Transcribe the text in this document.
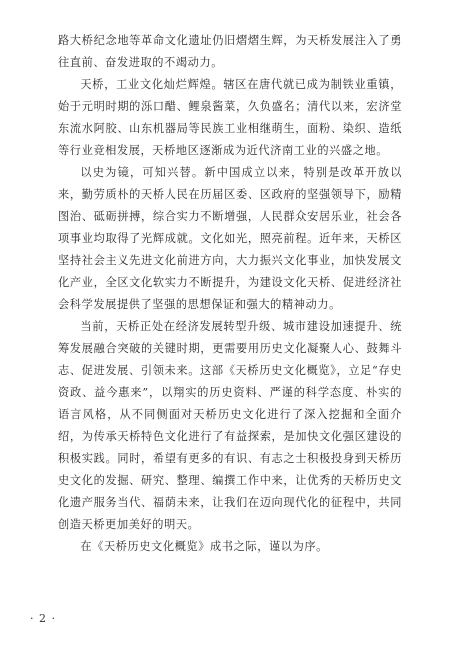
路大桥纪念地等革命文化遗址仍旧熠熠生辉，为天桥发展注入了勇往直前、奋发进取的不竭动力。

天桥，工业文化灿烂辉煌。辖区在唐代就已成为制铁业重镇，始于元明时期的泺口醋、鲤泉酱菜，久负盛名；清代以来，宏济堂东流水阿胶、山东机器局等民族工业相继萌生，面粉、染织、造纸等行业竞相发展，天桥地区逐渐成为近代济南工业的兴盛之地。

以史为镜，可知兴替。新中国成立以来，特别是改革开放以来，勤劳质朴的天桥人民在历届区委、区政府的坚强领导下，励精图治、砥砺拼搏，综合实力不断增强，人民群众安居乐业，社会各项事业均取得了光辉成就。文化如光，照亮前程。近年来，天桥区坚持社会主义先进文化前进方向，大力振兴文化事业，加快发展文化产业，全区文化软实力不断提升，为建设文化天桥、促进经济社会科学发展提供了坚强的思想保证和强大的精神动力。

当前，天桥正处在经济发展转型升级、城市建设加速提升、统筹发展融合突破的关键时期，更需要用历史文化凝聚人心、鼓舞斗志、促进发展、引领未来。这部《天桥历史文化概览》，立足“存史资政、益今惠来”，以翔实的历史资料、严谨的科学态度、朴实的语言风格，从不同侧面对天桥历史文化进行了深入挖掘和全面介绍，为传承天桥特色文化进行了有益探索，是加快文化强区建设的积极实践。同时，希望有更多的有识、有志之士积极投身到天桥历史文化的发掘、研究、整理、编撰工作中来，让优秀的天桥历史文化遗产服务当代、福荫未来，让我们在迈向现代化的征程中，共同创造天桥更加美好的明天。

在《天桥历史文化概览》成书之际，谨以为序。

· 2 ·
